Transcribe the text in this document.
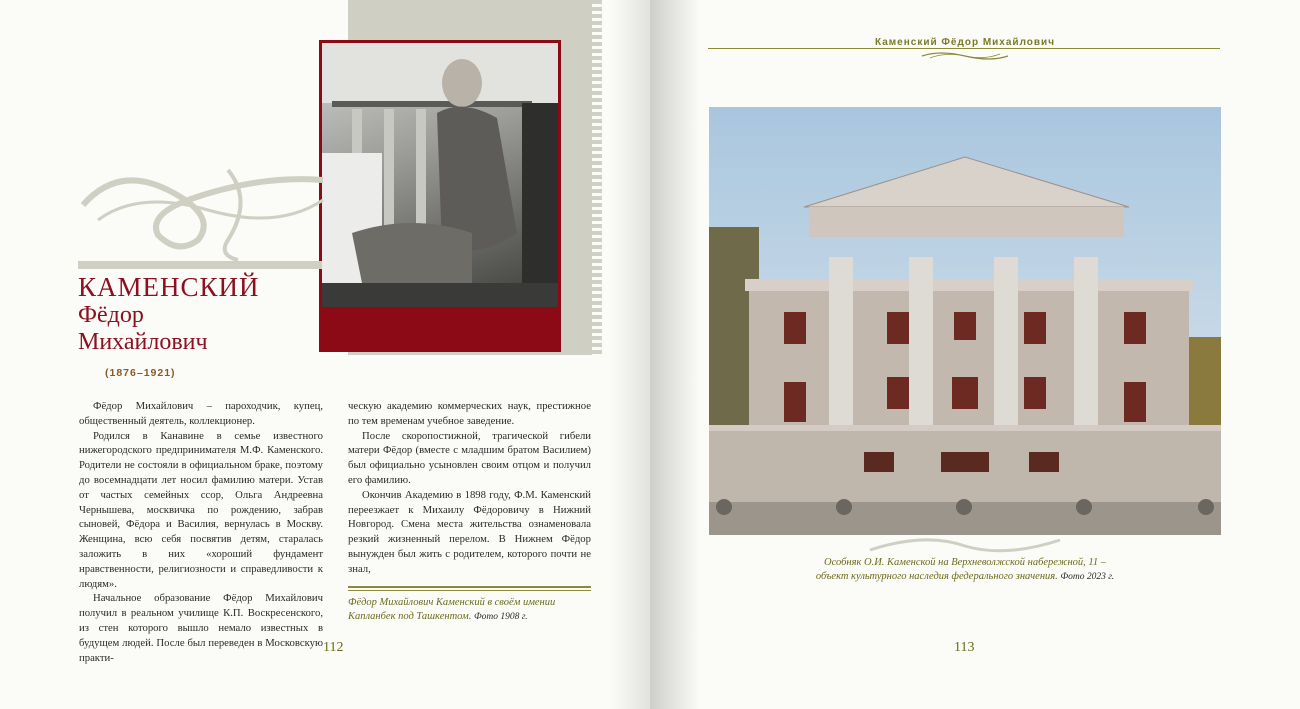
КАМЕНСКИЙ
Фёдор
Михайлович
(1876–1921)

Фёдор Михайлович – пароходчик, купец, общественный деятель, коллекционер.

Родился в Канавине в семье известного нижегородского предпринимателя М.Ф. Каменского. Родители не состояли в официальном браке, поэтому до восемнадцати лет носил фамилию матери. Устав от частых семейных ссор, Ольга Андреевна Чернышева, москвичка по рождению, забрав сыновей, Фёдора и Василия, вернулась в Москву. Женщина, всю себя посвятив детям, старалась заложить в них «хороший фундамент нравственности, религиозности и справедливости к людям».

Начальное образование Фёдор Михайлович получил в реальном училище К.П. Воскресенского, из стен которого вышло немало известных в будущем людей. После был переведен в Московскую практи-

ческую академию коммерческих наук, престижное по тем временам учебное заведение.

После скоропостижной, трагической гибели матери Фёдор (вместе с младшим братом Василием) был официально усыновлен своим отцом и получил его фамилию.

Окончив Академию в 1898 году, Ф.М. Каменский переезжает к Михаилу Фёдоровичу в Нижний Новгород. Смена места жительства ознаменовала резкий жизненный перелом. В Нижнем Фёдор вынужден был жить с родителем, которого почти не знал,

Фёдор Михайлович Каменский в своём имении Капланбек под Ташкентом. Фото 1908 г.
112
Каменский Фёдор Михайлович
Особняк О.И. Каменской на Верхневолжской набережной, 11 –
объект культурного наследия федерального значения. Фото 2023 г.
113
